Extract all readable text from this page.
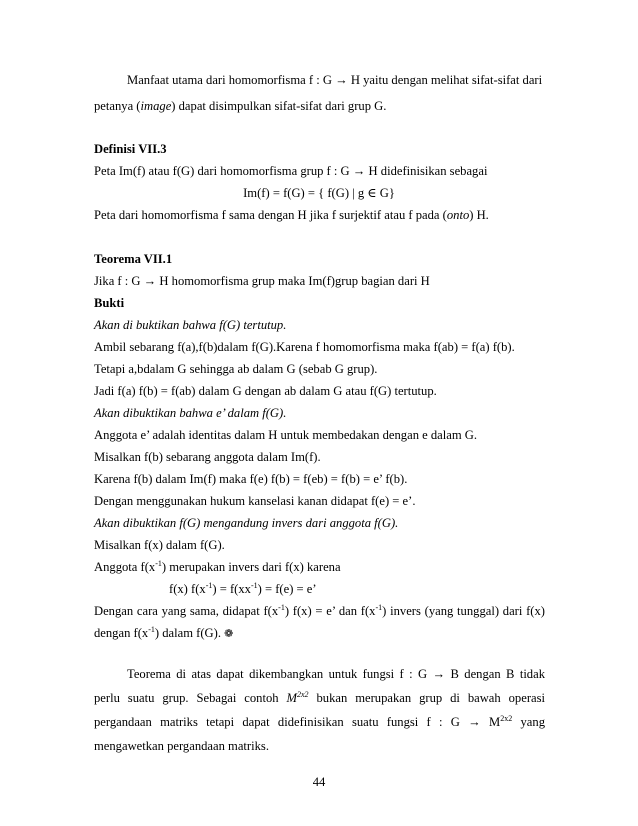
Manfaat utama dari homomorfisma f : G → H yaitu dengan melihat sifat-sifat dari
petanya (image) dapat disimpulkan sifat-sifat dari grup G.
Definisi VII.3
Peta Im(f) atau f(G) dari homomorfisma grup f : G → H didefinisikan sebagai
Im(f) = f(G) = { f(G) | g ∈ G}
Peta dari homomorfisma f sama dengan H jika f surjektif atau f pada (onto) H.
Teorema VII.1
Jika f : G → H homomorfisma grup maka Im(f)grup bagian dari H
Bukti
Akan di buktikan bahwa f(G) tertutup.
Ambil sebarang f(a),f(b)dalam f(G).Karena f homomorfisma maka f(ab) = f(a) f(b).
Tetapi a,bdalam G sehingga ab dalam G (sebab G grup).
Jadi f(a) f(b) = f(ab) dalam G dengan ab dalam G atau f(G) tertutup.
Akan dibuktikan bahwa e’ dalam f(G).
Anggota e’ adalah identitas dalam H untuk membedakan dengan e dalam G.
Misalkan f(b) sebarang anggota dalam Im(f).
Karena f(b) dalam Im(f) maka f(e) f(b) = f(eb) = f(b) = e’ f(b).
Dengan menggunakan hukum kanselasi kanan didapat f(e) = e’.
Akan dibuktikan f(G) mengandung invers dari anggota f(G).
Misalkan f(x) dalam f(G).
Anggota $f(x^{-1})$ merupakan invers dari f(x) karena
f(x) $f(x^{-1}) = f(xx^{-1}) = f(e) = e$’
Dengan cara yang sama, didapat $f(x^{-1}) f(x) = e$’ dan $f(x^{-1})$ invers (yang tunggal) dari f(x)
dengan $f(x^{-1})$ dalam f(G). ❁
Teorema di atas dapat dikembangkan untuk fungsi f : G → B dengan B tidak
perlu suatu grup. Sebagai contoh $M^{2x2}$ bukan merupakan grup di bawah operasi
pergandaan matriks tetapi dapat didefinisikan suatu fungsi f : $G \to M^{2x2}$ yang
mengawetkan pergandaan matriks.
44
